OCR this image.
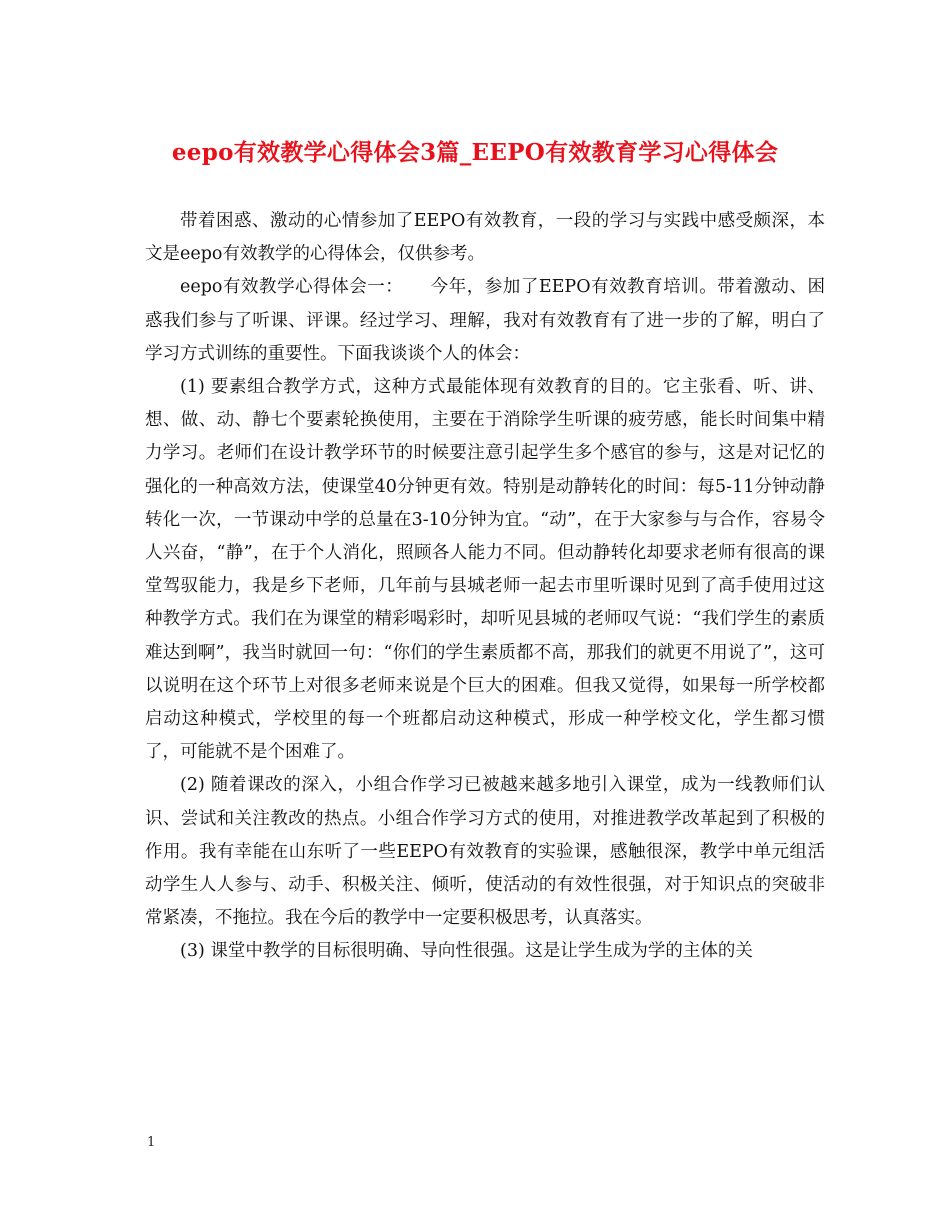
eepo有效教学心得体会3篇_EEPO有效教育学习心得体会

带着困惑、激动的心情参加了EEPO有效教育，一段的学习与实践中感受颇深，本文是eepo有效教学的心得体会，仅供参考。

eepo有效教学心得体会一：　　今年，参加了EEPO有效教育培训。带着激动、困惑我们参与了听课、评课。经过学习、理解，我对有效教育有了进一步的了解，明白了学习方式训练的重要性。下面我谈谈个人的体会：

(1) 要素组合教学方式，这种方式最能体现有效教育的目的。它主张看、听、讲、想、做、动、静七个要素轮换使用，主要在于消除学生听课的疲劳感，能长时间集中精力学习。老师们在设计教学环节的时候要注意引起学生多个感官的参与，这是对记忆的强化的一种高效方法，使课堂40分钟更有效。特别是动静转化的时间：每5-11分钟动静转化一次，一节课动中学的总量在3-10分钟为宜。“动”，在于大家参与与合作，容易令人兴奋，“静”，在于个人消化，照顾各人能力不同。但动静转化却要求老师有很高的课堂驾驭能力，我是乡下老师，几年前与县城老师一起去市里听课时见到了高手使用过这种教学方式。我们在为课堂的精彩喝彩时，却听见县城的老师叹气说：“我们学生的素质难达到啊”，我当时就回一句：“你们的学生素质都不高，那我们的就更不用说了”，这可以说明在这个环节上对很多老师来说是个巨大的困难。但我又觉得，如果每一所学校都启动这种模式，学校里的每一个班都启动这种模式，形成一种学校文化，学生都习惯了，可能就不是个困难了。

(2) 随着课改的深入，小组合作学习已被越来越多地引入课堂，成为一线教师们认识、尝试和关注教改的热点。小组合作学习方式的使用，对推进教学改革起到了积极的作用。我有幸能在山东听了一些EEPO有效教育的实验课，感触很深，教学中单元组活动学生人人参与、动手、积极关注、倾听，使活动的有效性很强，对于知识点的突破非常紧凑，不拖拉。我在今后的教学中一定要积极思考，认真落实。

(3) 课堂中教学的目标很明确、导向性很强。这是让学生成为学的主体的关

1
